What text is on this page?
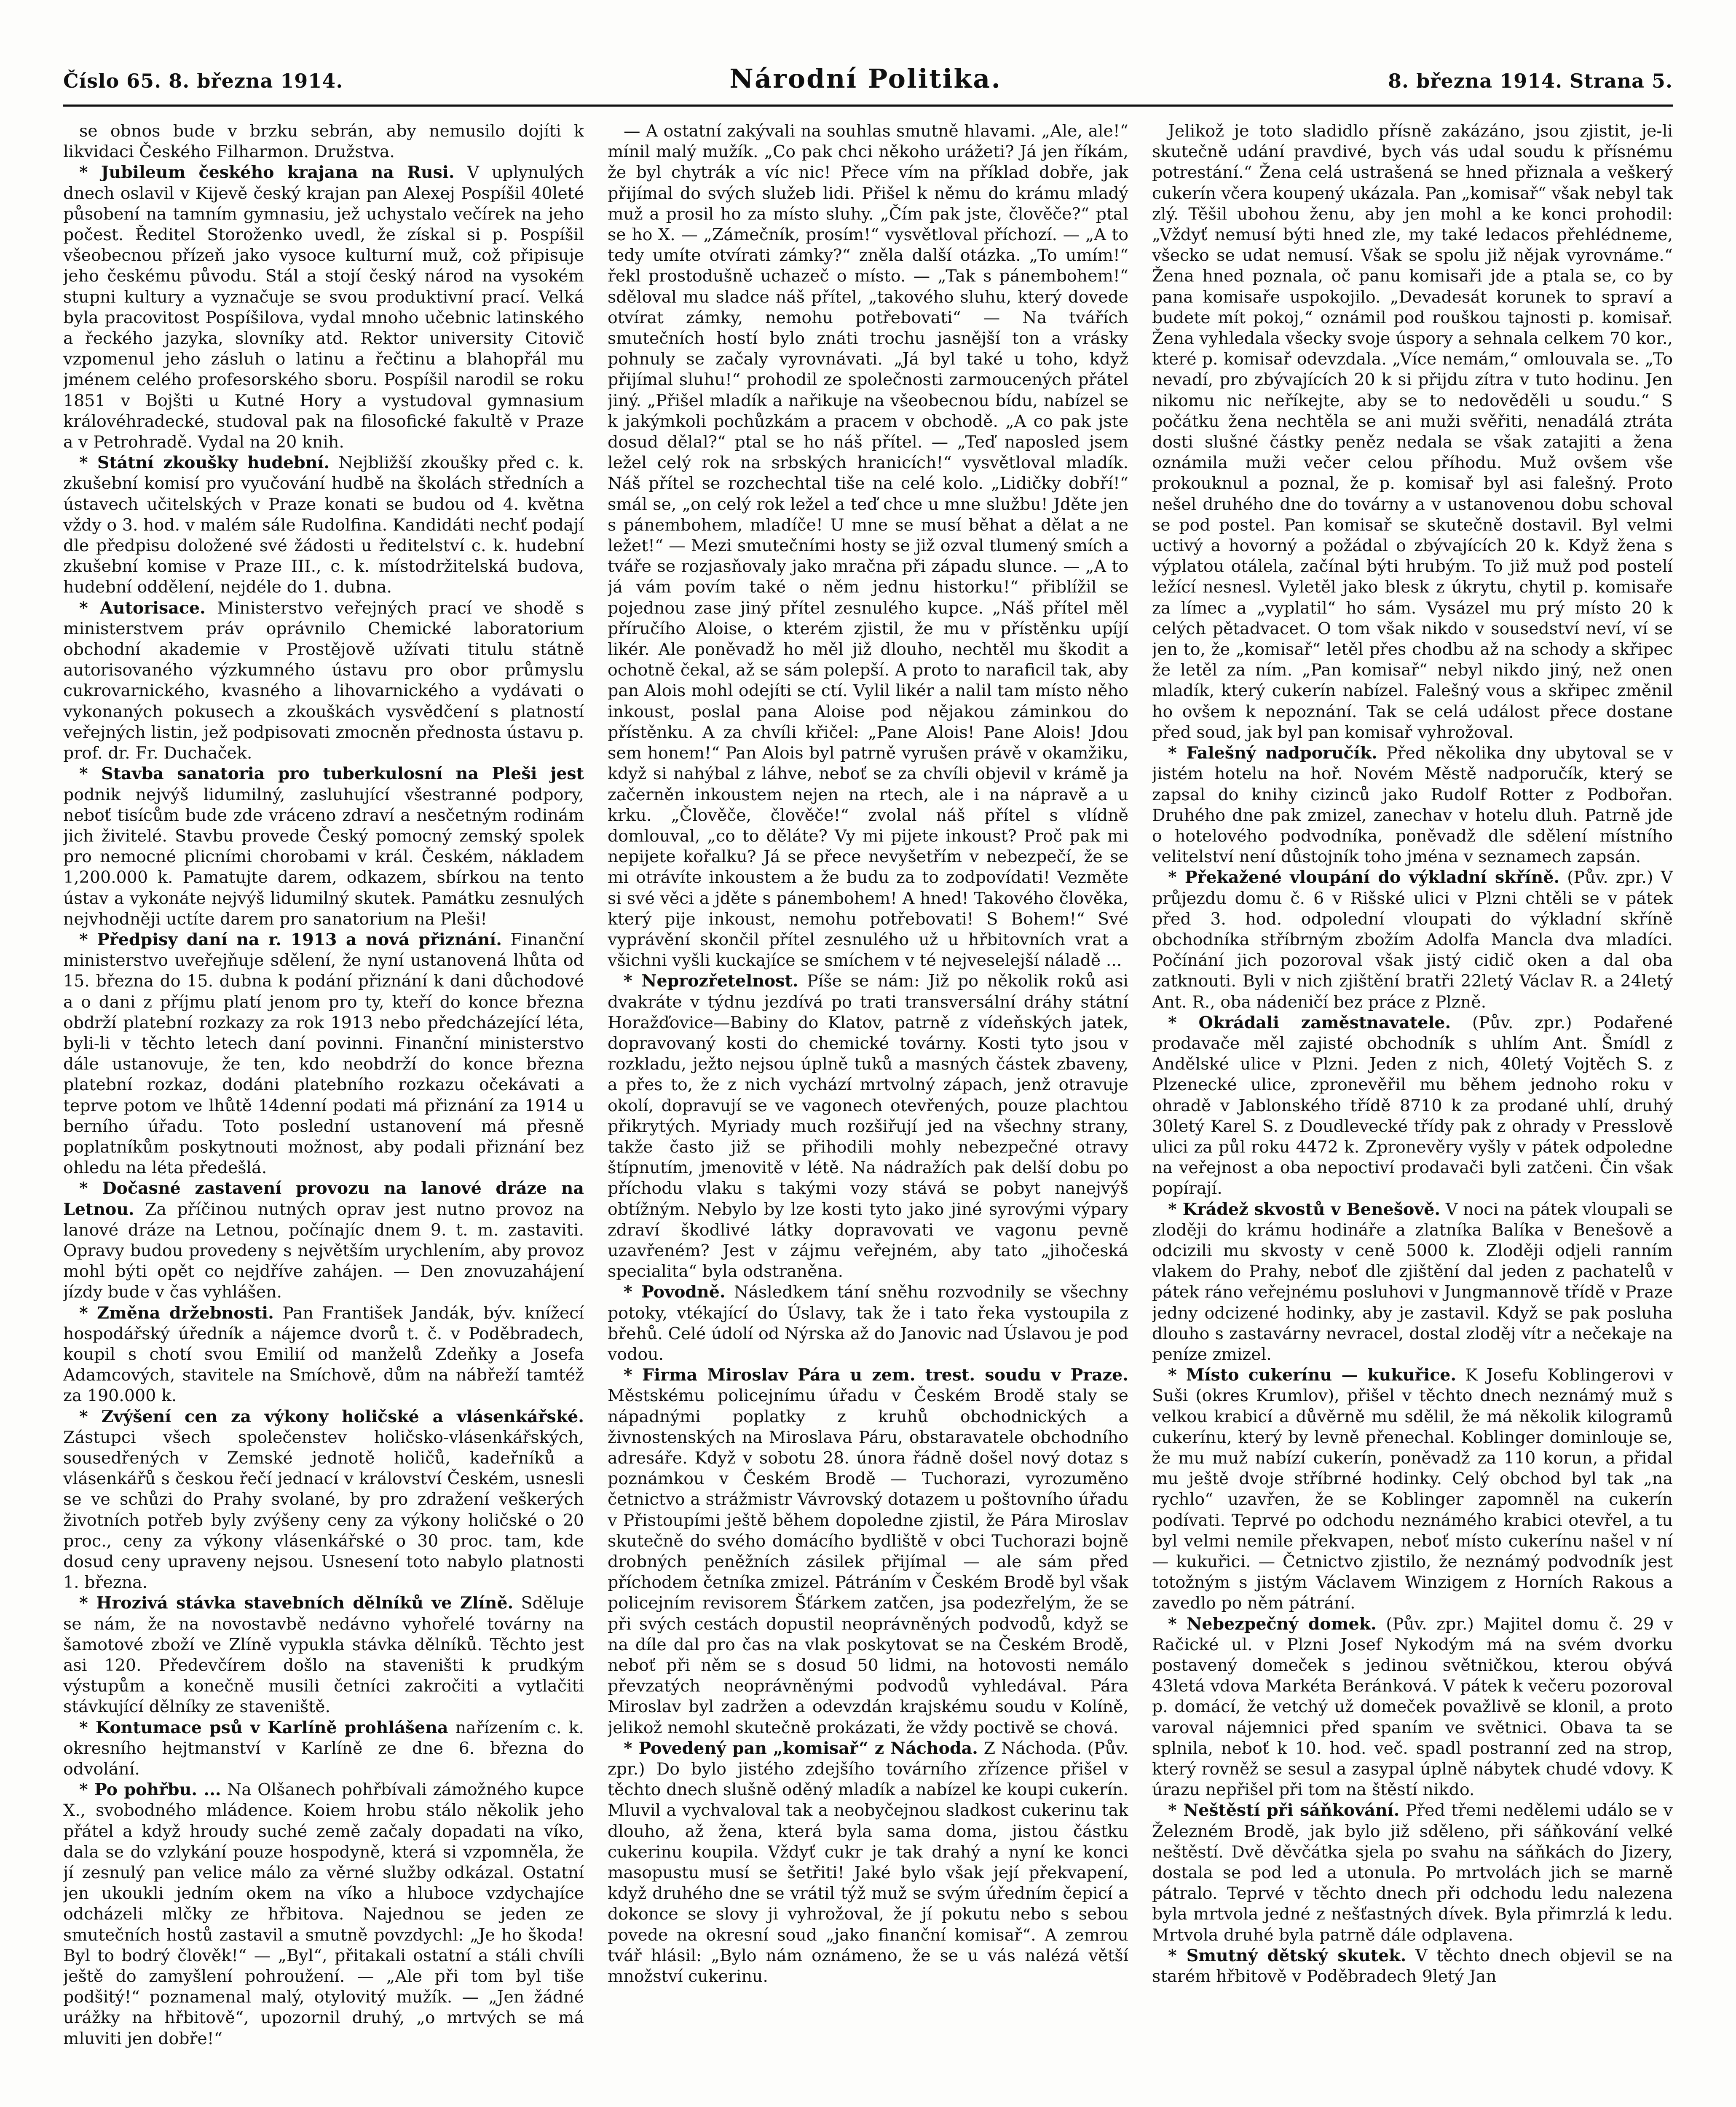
Číslo 65. 8. března 1914.	Národní Politika.	8. března 1914. Strana 5.

se obnos bude v brzku sebrán, aby nemusilo dojíti k likvidaci Českého Filharmon. Družstva.

* Jubileum českého krajana na Rusi. V uplynulých dnech oslavil v Kijevě český krajan pan Alexej Pospíšil 40leté působení na tamním gymnasiu, jež uchystalo večírek na jeho počest. Ředitel Storoženko uvedl, že získal si p. Pospíšil všeobecnou přízeň jako vysoce kulturní muž, což připisuje jeho českému původu. Stál a stojí český národ na vysokém stupni kultury a vyznačuje se svou produktivní prací. Velká byla pracovitost Pospíšilova, vydal mnoho učebnic latinského a řeckého jazyka, slovníky atd. Rektor university Citovič vzpomenul jeho zásluh o latinu a řečtinu a blahopřál mu jménem celého profesorského sboru. Pospíšil narodil se roku 1851 v Bojšti u Kutné Hory a vystudoval gymnasium královéhradecké, studoval pak na filosofické fakultě v Praze a v Petrohradě. Vydal na 20 knih.

* Státní zkoušky hudební. Nejbližší zkoušky před c. k. zkušební komisí pro vyučování hudbě na školách středních a ústavech učitelských v Praze konati se budou od 4. května vždy o 3. hod. v malém sále Rudolfina. Kandidáti nechť podají dle předpisu doložené své žádosti u ředitelství c. k. hudební zkušební komise v Praze III., c. k. místodržitelská budova, hudební oddělení, nejdéle do 1. dubna.

* Autorisace. Ministerstvo veřejných prací ve shodě s ministerstvem práv oprávnilo Chemické laboratorium obchodní akademie v Prostějově užívati titulu státně autorisovaného výzkumného ústavu pro obor průmyslu cukrovarnického, kvasného a lihovarnického a vydávati o vykonaných pokusech a zkouškách vysvědčení s platností veřejných listin, jež podpisovati zmocněn přednosta ústavu p. prof. dr. Fr. Duchaček.

* Stavba sanatoria pro tuberkulosní na Pleši jest podnik nejvýš lidumilný, zasluhující všestranné podpory, neboť tisícům bude zde vráceno zdraví a nesčetným rodinám jich živitelé. Stavbu provede Český pomocný zemský spolek pro nemocné plicními chorobami v král. Českém, nákladem 1,200.000 k. Pamatujte darem, odkazem, sbírkou na tento ústav a vykonáte nejvýš lidumilný skutek. Památku zesnulých nejvhodněji uctíte darem pro sanatorium na Pleši!

* Předpisy daní na r. 1913 a nová přiznání. Finanční ministerstvo uveřejňuje sdělení, že nyní ustanovená lhůta od 15. března do 15. dubna k podání přiznání k dani důchodové a o dani z příjmu platí jenom pro ty, kteří do konce března obdrží platební rozkazy za rok 1913 nebo předcházející léta, byli-li v těchto letech daní povinni. Finanční ministerstvo dále ustanovuje, že ten, kdo neobdrží do konce března platební rozkaz, dodáni platebního rozkazu očekávati a teprve potom ve lhůtě 14denní podati má přiznání za 1914 u berního úřadu. Toto poslední ustanovení má přesně poplatníkům poskytnouti možnost, aby podali přiznání bez ohledu na léta předešlá.

* Dočasné zastavení provozu na lanové dráze na Letnou. Za příčinou nutných oprav jest nutno provoz na lanové dráze na Letnou, počínajíc dnem 9. t. m. zastaviti. Opravy budou provedeny s největším urychlením, aby provoz mohl býti opět co nejdříve zahájen. — Den znovuzahájení jízdy bude v čas vyhlášen.

* Změna držebnosti. Pan František Jandák, býv. knížecí hospodářský úředník a nájemce dvorů t. č. v Poděbradech, koupil s chotí svou Emilií od manželů Zdeňky a Josefa Adamcových, stavitele na Smíchově, dům na nábřeží tamtéž za 190.000 k.

* Zvýšení cen za výkony holičské a vlásenkářské. Zástupci všech společenstev holičsko-vlásenkářských, sousedřených v Zemské jednotě holičů, kadeřníků a vlásenkářů s českou řečí jednací v království Českém, usnesli se ve schůzi do Prahy svolané, by pro zdražení veškerých životních potřeb byly zvýšeny ceny za výkony holičské o 20 proc., ceny za výkony vlásenkářské o 30 proc. tam, kde dosud ceny upraveny nejsou. Usnesení toto nabylo platnosti 1. března.

* Hrozivá stávka stavebních dělníků ve Zlíně. Sděluje se nám, že na novostavbě nedávno vyhořelé továrny na šamotové zboží ve Zlíně vypukla stávka dělníků. Těchto jest asi 120. Předevčírem došlo na staveništi k prudkým výstupům a konečně musili četníci zakročiti a vytlačiti stávkující dělníky ze staveniště.

* Kontumace psů v Karlíně prohlášena nařízením c. k. okresního hejtmanství v Karlíně ze dne 6. března do odvolání.

* Po pohřbu. ... Na Olšanech pohřbívali zámožného kupce X., svobodného mládence. Koiem hrobu stálo několik jeho přátel a když hroudy suché země začaly dopadati na víko, dala se do vzlykání pouze hospodyně, která si vzpomněla, že jí zesnulý pan velice málo za věrné služby odkázal. Ostatní jen ukoukli jedním okem na víko a hluboce vzdychajíce odcházeli mlčky ze hřbitova. Najednou se jeden ze smutečních hostů zastavil a smutně povzdychl: „Je ho škoda! Byl to bodrý člověk!“ — „Byl“, přitakali ostatní a stáli chvíli ještě do zamyšlení pohroužení. — „Ale při tom byl tiše podšitý!“ poznamenal malý, otylovitý mužík. — „Jen žádné urážky na hřbitově“, upozornil druhý, „o mrtvých se má mluviti jen dobře!“

— A ostatní zakývali na souhlas smutně hlavami. „Ale, ale!“ mínil malý mužík. „Co pak chci někoho urážeti? Já jen říkám, že byl chytrák a víc nic! Přece vím na příklad dobře, jak přijímal do svých služeb lidi. Přišel k němu do krámu mladý muž a prosil ho za místo sluhy. „Čím pak jste, člověče?“ ptal se ho X. — „Zámečník, prosím!“ vysvětloval příchozí. — „A to tedy umíte otvírati zámky?“ zněla další otázka. „To umím!“ řekl prostodušně uchazeč o místo. — „Tak s pánembohem!“ sděloval mu sladce náš přítel, „takového sluhu, který dovede otvírat zámky, nemohu potřebovati“ — Na tvářích smutečních hostí bylo znáti trochu jasnější ton a vrásky pohnuly se začaly vyrovnávati. „Já byl také u toho, když přijímal sluhu!“ prohodil ze společnosti zarmoucených přátel jiný. „Přišel mladík a nařikuje na všeobecnou bídu, nabízel se k jakýmkoli pochůzkám a pracem v obchodě. „A co pak jste dosud dělal?“ ptal se ho náš přítel. — „Teď naposled jsem ležel celý rok na srbských hranicích!“ vysvětloval mladík. Náš přítel se rozchechtal tiše na celé kolo. „Lidičky dobří!“ smál se, „on celý rok ležel a teď chce u mne službu! Jděte jen s pánembohem, mladíče! U mne se musí běhat a dělat a ne ležet!“ — Mezi smutečními hosty se již ozval tlumený smích a tváře se rozjasňovaly jako mračna při západu slunce. — „A to já vám povím také o něm jednu historku!“ přiblížil se pojednou zase jiný přítel zesnulého kupce. „Náš přítel měl příručího Aloise, o kterém zjistil, že mu v přístěnku upíjí likér. Ale poněvadž ho měl již dlouho, nechtěl mu škodit a ochotně čekal, až se sám polepší. A proto to naraficil tak, aby pan Alois mohl odejíti se ctí. Vylil likér a nalil tam místo něho inkoust, poslal pana Aloise pod nějakou záminkou do přístěnku. A za chvíli křičel: „Pane Alois! Pane Alois! Jdou sem honem!“ Pan Alois byl patrně vyrušen právě v okamžiku, když si nahýbal z láhve, neboť se za chvíli objevil v krámě ja začerněn inkoustem nejen na rtech, ale i na nápravě a u krku. „Člověče, člověče!“ zvolal náš přítel s vlídně domlouval, „co to děláte? Vy mi pijete inkoust? Proč pak mi nepijete kořalku? Já se přece nevyšetřím v nebezpečí, že se mi otrávíte inkoustem a že budu za to zodpovídati! Vezměte si své věci a jděte s pánembohem! A hned! Takového člověka, který pije inkoust, nemohu potřebovati! S Bohem!“ Své vyprávění skončil přítel zesnulého už u hřbitovních vrat a všichni vyšli kuckajíce se smíchem v té nejveselejší náladě ...

* Neprozřetelnost. Píše se nám: Již po několik roků asi dvakráte v týdnu jezdívá po trati transversální dráhy státní Horažďovice—Babiny do Klatov, patrně z vídeňských jatek, dopravovaný kosti do chemické továrny. Kosti tyto jsou v rozkladu, ježto nejsou úplně tuků a masných částek zbaveny, a přes to, že z nich vychází mrtvolný zápach, jenž otravuje okolí, dopravují se ve vagonech otevřených, pouze plachtou přikrytých. Myriady much rozšiřují jed na všechny strany, takže často již se přihodili mohly nebezpečné otravy štípnutím, jmenovitě v létě. Na nádražích pak delší dobu po příchodu vlaku s takými vozy stává se pobyt nanejvýš obtížným. Nebylo by lze kosti tyto jako jiné syrovými výpary zdraví škodlivé látky dopravovati ve vagonu pevně uzavřeném? Jest v zájmu veřejném, aby tato „jihočeská specialita“ byla odstraněna.

* Povodně. Následkem tání sněhu rozvodnily se všechny potoky, vtékající do Úslavy, tak že i tato řeka vystoupila z břehů. Celé údolí od Nýrska až do Janovic nad Úslavou je pod vodou.

* Firma Miroslav Pára u zem. trest. soudu v Praze. Městskému policejnímu úřadu v Českém Brodě staly se nápadnými poplatky z kruhů obchodnických a živnostenských na Miroslava Páru, obstaravatele obchodního adresáře. Když v sobotu 28. února řádně došel nový dotaz s poznámkou v Českém Brodě — Tuchorazi, vyrozuměno četnictvo a strážmistr Vávrovský dotazem u poštovního úřadu v Přistoupími ještě během dopoledne zjistil, že Pára Miroslav skutečně do svého domácího bydliště v obci Tuchorazi bojně drobných peněžních zásilek přijímal — ale sám před příchodem četníka zmizel. Pátráním v Českém Brodě byl však policejním revisorem Šťárkem zatčen, jsa podezřelým, že se při svých cestách dopustil neoprávněných podvodů, když se na díle dal pro čas na vlak poskytovat se na Českém Brodě, neboť při něm se s dosud 50 lidmi, na hotovosti nemálo převzatých neoprávněnými podvodů vyhledával. Pára Miroslav byl zadržen a odevzdán krajskému soudu v Kolíně, jelikož nemohl skutečně prokázati, že vždy poctivě se chová.

* Povedený pan „komisař“ z Náchoda. Z Náchoda. (Pův. zpr.) Do bylo jistého zdejšího továrního zřízence přišel v těchto dnech slušně oděný mladík a nabízel ke koupi cukerín. Mluvil a vychvaloval tak a neobyčejnou sladkost cukerinu tak dlouho, až žena, která byla sama doma, jistou částku cukerinu koupila. Vždyť cukr je tak drahý a nyní ke konci masopustu musí se šetřiti! Jaké bylo však její překvapení, když druhého dne se vrátil týž muž se svým úředním čepicí a dokonce se slovy ji vyhrožoval, že jí pokutu nebo s sebou povede na okresní soud „jako finanční komisař“. A zemrou tvář hlásil: „Bylo nám oznámeno, že se u vás nalézá větší množství cukerinu.

Jelikož je toto sladidlo přísně zakázáno, jsou zjistit, je-li skutečně udání pravdivé, bych vás udal soudu k přísnému potrestání.“ Žena celá ustrašená se hned přiznala a veškerý cukerín včera koupený ukázala. Pan „komisař“ však nebyl tak zlý. Těšil ubohou ženu, aby jen mohl a ke konci prohodil: „Vždyť nemusí býti hned zle, my také ledacos přehlédneme, všecko se udat nemusí. Však se spolu již nějak vyrovnáme.“ Žena hned poznala, oč panu komisaři jde a ptala se, co by pana komisaře uspokojilo. „Devadesát korunek to spraví a budete mít pokoj,“ oznámil pod rouškou tajnosti p. komisař. Žena vyhledala všecky svoje úspory a sehnala celkem 70 kor., které p. komisař odevzdala. „Více nemám,“ omlouvala se. „To nevadí, pro zbývajících 20 k si přijdu zítra v tuto hodinu. Jen nikomu nic neříkejte, aby se to nedověděli u soudu.“ S počátku žena nechtěla se ani muži svěřiti, nenadálá ztráta dosti slušné částky peněz nedala se však zatajiti a žena oznámila muži večer celou příhodu. Muž ovšem vše prokouknul a poznal, že p. komisař byl asi falešný. Proto nešel druhého dne do továrny a v ustanovenou dobu schoval se pod postel. Pan komisař se skutečně dostavil. Byl velmi uctivý a hovorný a požádal o zbývajících 20 k. Když žena s výplatou otálela, začínal býti hrubým. To již muž pod postelí ležící nesnesl. Vyletěl jako blesk z úkrytu, chytil p. komisaře za límec a „vyplatil“ ho sám. Vysázel mu prý místo 20 k celých pětadvacet. O tom však nikdo v sousedství neví, ví se jen to, že „komisař“ letěl přes chodbu až na schody a skřipec že letěl za ním. „Pan komisař“ nebyl nikdo jiný, než onen mladík, který cukerín nabízel. Falešný vous a skřipec změnil ho ovšem k nepoznání. Tak se celá událost přece dostane před soud, jak byl pan komisař vyhrožoval.

* Falešný nadporučík. Před několika dny ubytoval se v jistém hotelu na hoř. Novém Městě nadporučík, který se zapsal do knihy cizinců jako Rudolf Rotter z Podbořan. Druhého dne pak zmizel, zanechav v hotelu dluh. Patrně jde o hotelového podvodníka, poněvadž dle sdělení místního velitelství není důstojník toho jména v seznamech zapsán.

* Překažené vloupání do výkladní skříně. (Pův. zpr.) V průjezdu domu č. 6 v Rišské ulici v Plzni chtěli se v pátek před 3. hod. odpolední vloupati do výkladní skříně obchodníka stříbrným zbožím Adolfa Mancla dva mladíci. Počínání jich pozoroval však jistý cidič oken a dal oba zatknouti. Byli v nich zjištění bratři 22letý Václav R. a 24letý Ant. R., oba nádeničí bez práce z Plzně.

* Okrádali zaměstnavatele. (Pův. zpr.) Podařené prodavače měl zajisté obchodník s uhlím Ant. Šmídl z Andělské ulice v Plzni. Jeden z nich, 40letý Vojtěch S. z Plzenecké ulice, zpronevěřil mu během jednoho roku v ohradě v Jablonského třídě 8710 k za prodané uhlí, druhý 30letý Karel S. z Doudlevecké třídy pak z ohrady v Presslově ulici za půl roku 4472 k. Zpronevěry vyšly v pátek odpoledne na veřejnost a oba nepoctiví prodavači byli zatčeni. Čin však popírají.

* Krádež skvostů v Benešově. V noci na pátek vloupali se zloději do krámu hodináře a zlatníka Balíka v Benešově a odcizili mu skvosty v ceně 5000 k. Zloději odjeli ranním vlakem do Prahy, neboť dle zjištění dal jeden z pachatelů v pátek ráno veřejnému posluhovi v Jungmannově třídě v Praze jedny odcizené hodinky, aby je zastavil. Když se pak posluha dlouho s zastavárny nevracel, dostal zloděj vítr a nečekaje na peníze zmizel.

* Místo cukerínu — kukuřice. K Josefu Koblingerovi v Suši (okres Krumlov), přišel v těchto dnech neznámý muž s velkou krabicí a důvěrně mu sdělil, že má několik kilogramů cukerínu, který by levně přenechal. Koblinger dominlouje se, že mu muž nabízí cukerín, poněvadž za 110 korun, a přidal mu ještě dvoje stříbrné hodinky. Celý obchod byl tak „na rychlo“ uzavřen, že se Koblinger zapomněl na cukerín podívati. Teprvé po odchodu neznámého krabici otevřel, a tu byl velmi nemile překvapen, neboť místo cukerínu našel v ní — kukuřici. — Četnictvo zjistilo, že neznámý podvodník jest totožným s jistým Václavem Winzigem z Horních Rakous a zavedlo po něm pátrání.

* Nebezpečný domek. (Pův. zpr.) Majitel domu č. 29 v Račické ul. v Plzni Josef Nykodým má na svém dvorku postavený domeček s jedinou světničkou, kterou obývá 43letá vdova Markéta Beránková. V pátek k večeru pozoroval p. domácí, že vetchý už domeček považlivě se klonil, a proto varoval nájemnici před spaním ve světnici. Obava ta se splnila, neboť k 10. hod. več. spadl postranní zed na strop, který rovněž se sesul a zasypal úplně nábytek chudé vdovy. K úrazu nepřišel při tom na štěstí nikdo.

* Neštěstí při sáňkování. Před třemi nedělemi událo se v Železném Brodě, jak bylo již sděleno, při sáňkování velké neštěstí. Dvě děvčátka sjela po svahu na sáňkách do Jizery, dostala se pod led a utonula. Po mrtvolách jich se marně pátralo. Teprvé v těchto dnech při odchodu ledu nalezena byla mrtvola jedné z nešťastných dívek. Byla přimrzlá k ledu. Mrtvola druhé byla patrně dále odplavena.

* Smutný dětský skutek. V těchto dnech objevil se na starém hřbitově v Poděbradech 9letý Jan
